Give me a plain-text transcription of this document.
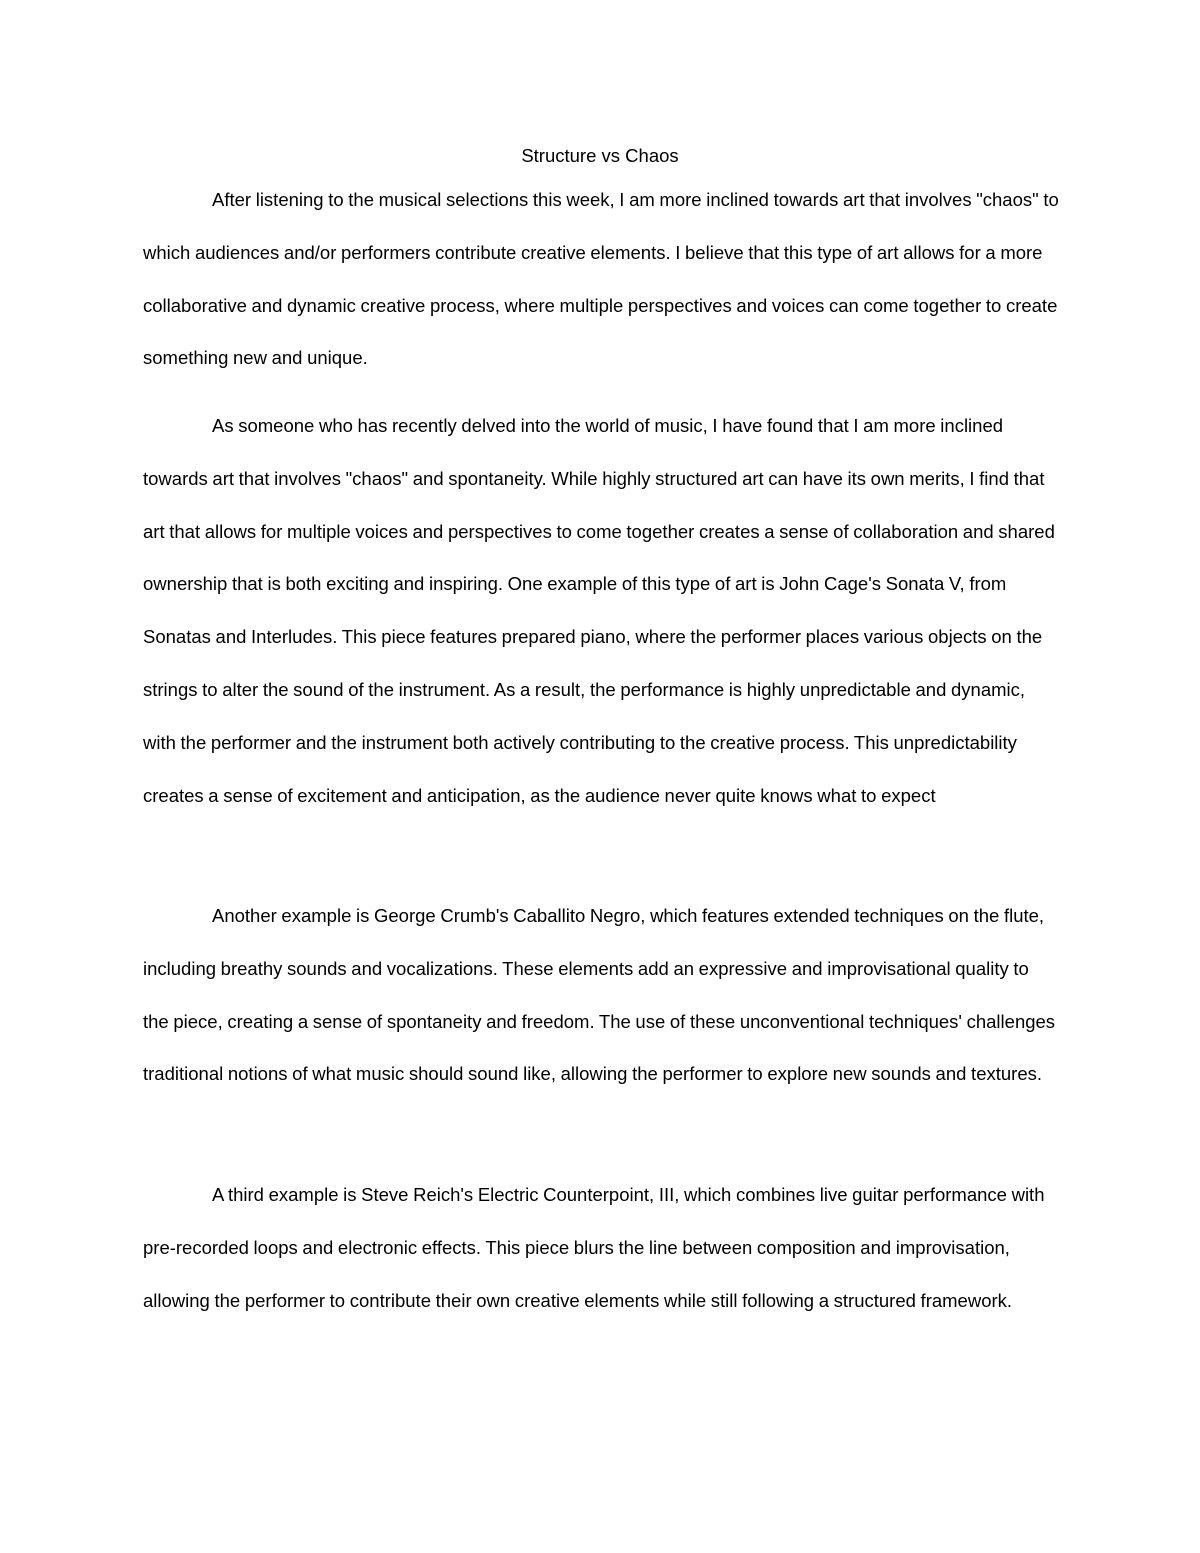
Structure vs Chaos

After listening to the musical selections this week, I am more inclined towards art that involves "chaos" to which audiences and/or performers contribute creative elements. I believe that this type of art allows for a more collaborative and dynamic creative process, where multiple perspectives and voices can come together to create something new and unique.

As someone who has recently delved into the world of music, I have found that I am more inclined towards art that involves "chaos" and spontaneity. While highly structured art can have its own merits, I find that art that allows for multiple voices and perspectives to come together creates a sense of collaboration and shared ownership that is both exciting and inspiring. One example of this type of art is John Cage's Sonata V, from Sonatas and Interludes. This piece features prepared piano, where the performer places various objects on the strings to alter the sound of the instrument. As a result, the performance is highly unpredictable and dynamic, with the performer and the instrument both actively contributing to the creative process. This unpredictability creates a sense of excitement and anticipation, as the audience never quite knows what to expect

Another example is George Crumb's Caballito Negro, which features extended techniques on the flute, including breathy sounds and vocalizations. These elements add an expressive and improvisational quality to the piece, creating a sense of spontaneity and freedom. The use of these unconventional techniques' challenges traditional notions of what music should sound like, allowing the performer to explore new sounds and textures.

A third example is Steve Reich's Electric Counterpoint, III, which combines live guitar performance with pre-recorded loops and electronic effects. This piece blurs the line between composition and improvisation, allowing the performer to contribute their own creative elements while still following a structured framework.
